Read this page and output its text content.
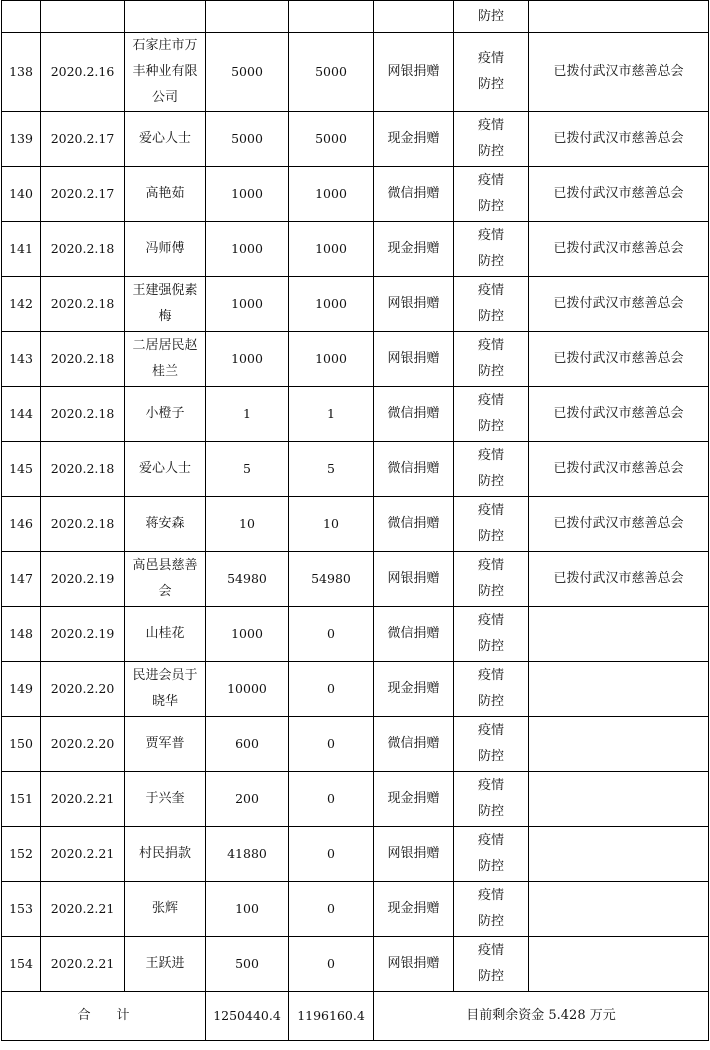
						防控	
138	2020.2.16	石家庄市万丰种业有限公司	5000	5000	网银捐赠	疫情防控	已拨付武汉市慈善总会
139	2020.2.17	爱心人士	5000	5000	现金捐赠	疫情防控	已拨付武汉市慈善总会
140	2020.2.17	高艳茹	1000	1000	微信捐赠	疫情防控	已拨付武汉市慈善总会
141	2020.2.18	冯师傅	1000	1000	现金捐赠	疫情防控	已拨付武汉市慈善总会
142	2020.2.18	王建强倪素梅	1000	1000	网银捐赠	疫情防控	已拨付武汉市慈善总会
143	2020.2.18	二居居民赵桂兰	1000	1000	网银捐赠	疫情防控	已拨付武汉市慈善总会
144	2020.2.18	小橙子	1	1	微信捐赠	疫情防控	已拨付武汉市慈善总会
145	2020.2.18	爱心人士	5	5	微信捐赠	疫情防控	已拨付武汉市慈善总会
146	2020.2.18	蒋安森	10	10	微信捐赠	疫情防控	已拨付武汉市慈善总会
147	2020.2.19	高邑县慈善会	54980	54980	网银捐赠	疫情防控	已拨付武汉市慈善总会
148	2020.2.19	山桂花	1000	0	微信捐赠	疫情防控	
149	2020.2.20	民进会员于晓华	10000	0	现金捐赠	疫情防控	
150	2020.2.20	贾军普	600	0	微信捐赠	疫情防控	
151	2020.2.21	于兴奎	200	0	现金捐赠	疫情防控	
152	2020.2.21	村民捐款	41880	0	网银捐赠	疫情防控	
153	2020.2.21	张辉	100	0	现金捐赠	疫情防控	
154	2020.2.21	王跃进	500	0	网银捐赠	疫情防控	
合　　计			1250440.4	1196160.4	目前剩余资金 5.428 万元		
